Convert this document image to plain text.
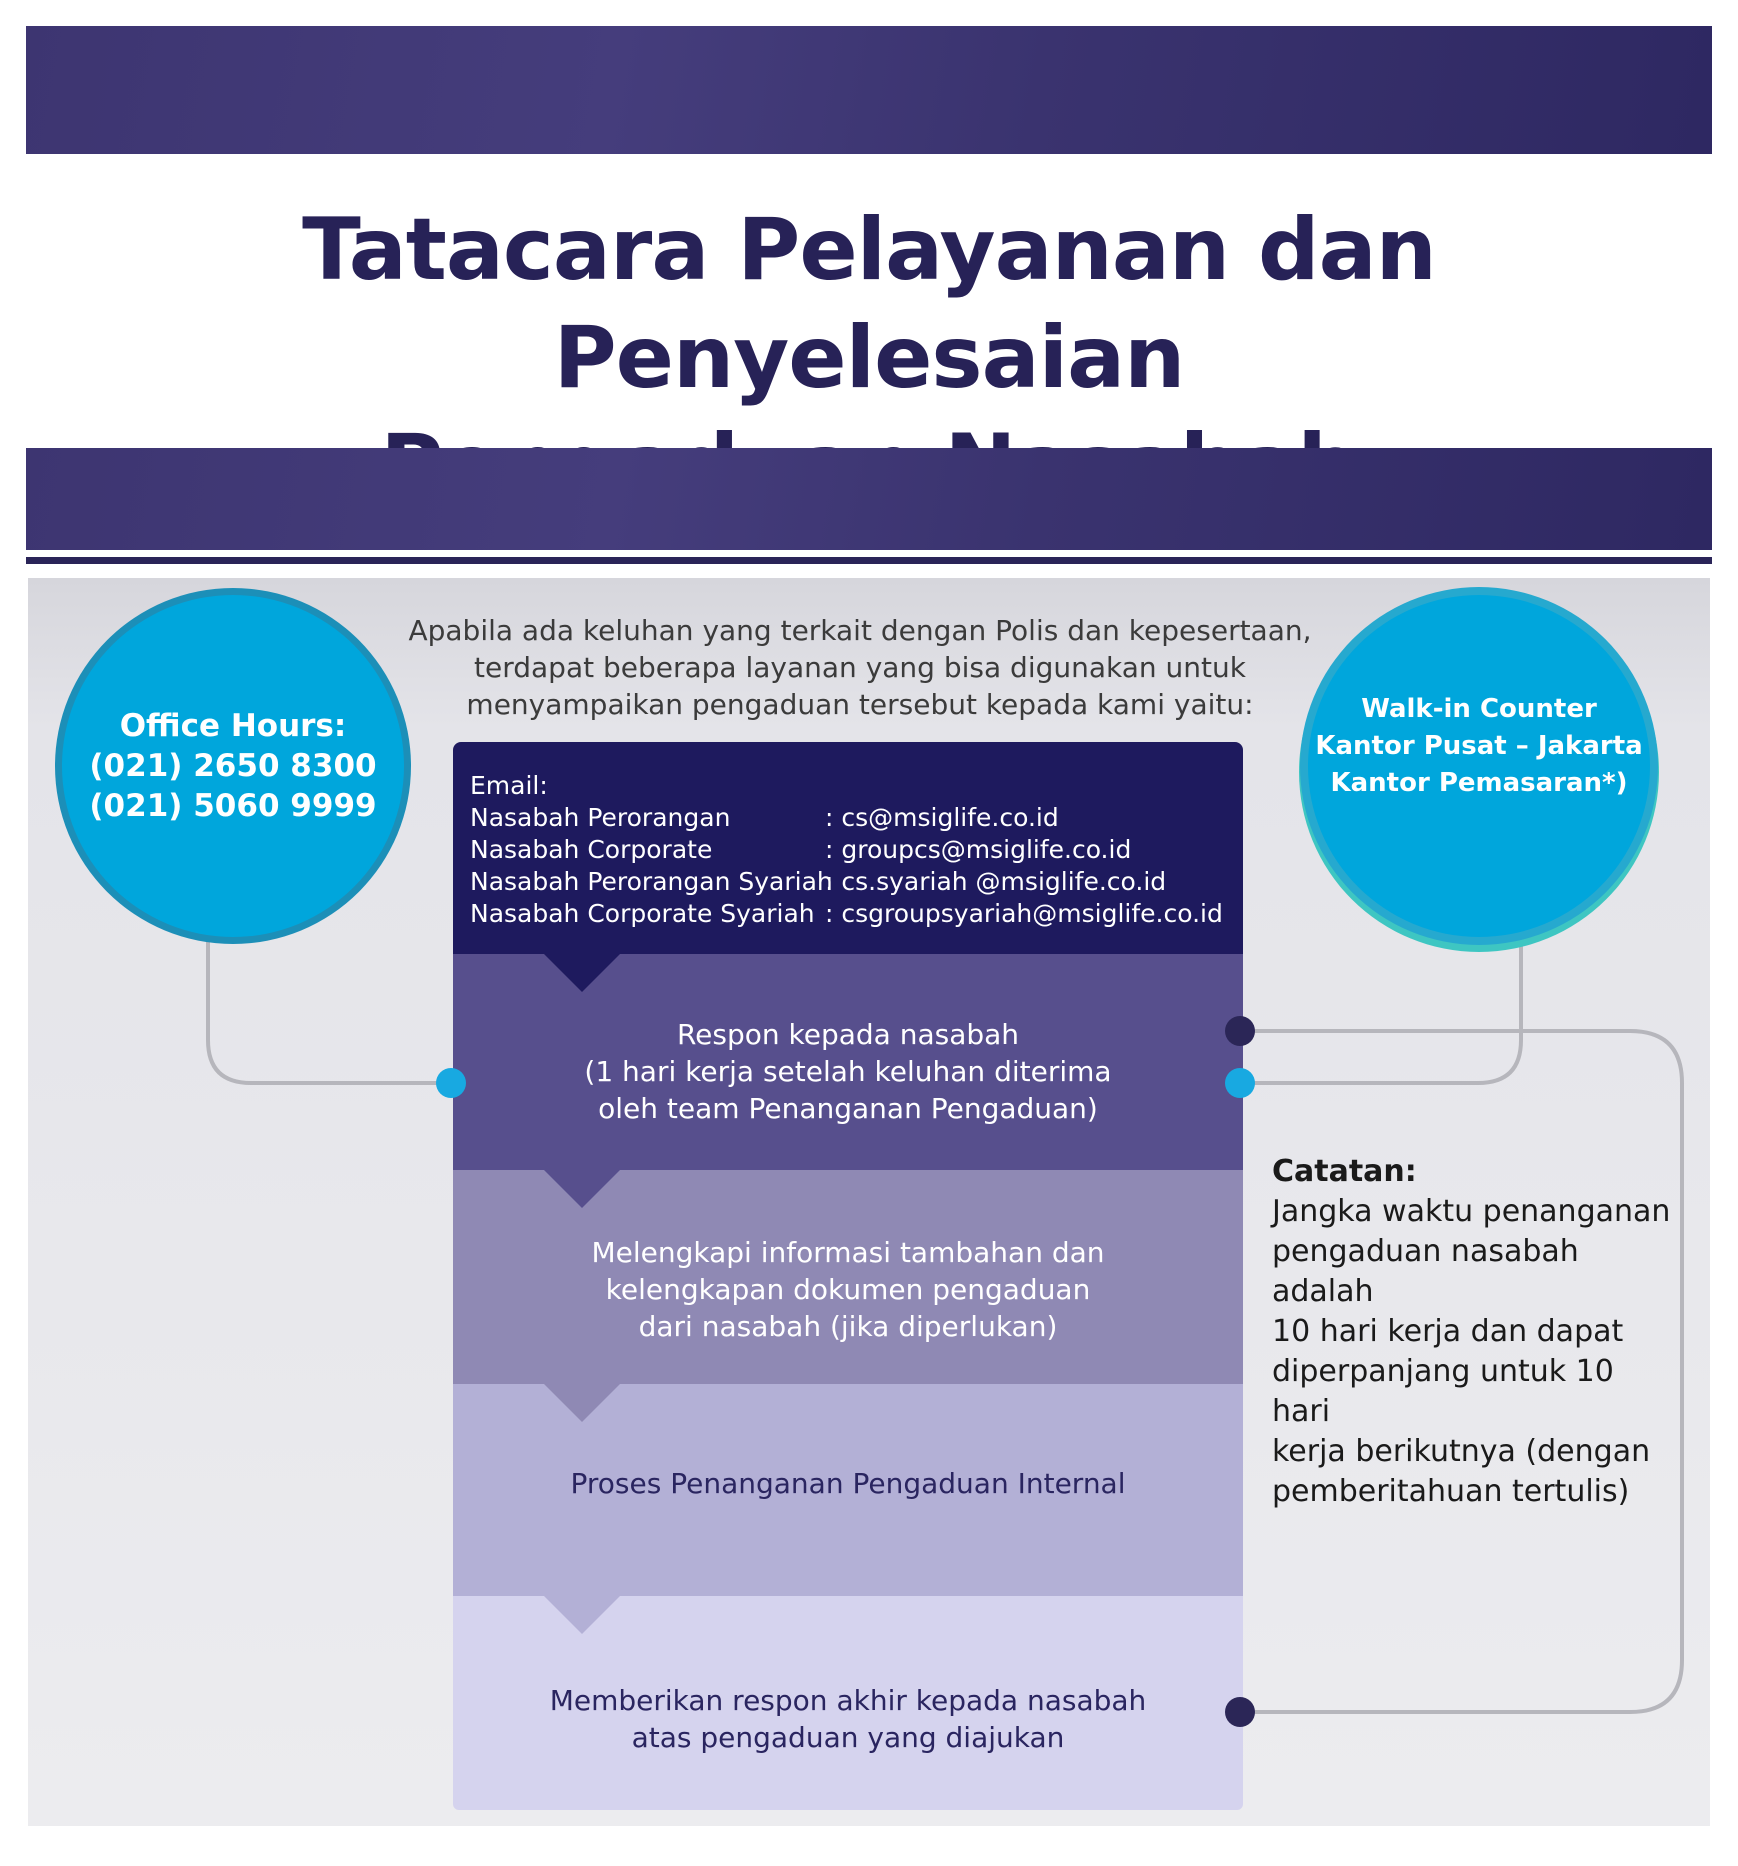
Tatacara Pelayanan dan Penyelesaian
Office Hours:
(021) 2650 8300
(021) 5060 9999
Walk-in Counter
Kantor Pusat – Jakarta
Kantor Pemasaran*)
Apabila ada keluhan yang terkait dengan Polis dan kepesertaan,
terdapat beberapa layanan yang bisa digunakan untuk
menyampaikan pengaduan tersebut kepada kami yaitu:
Email:
Nasabah Perorangan	: cs@msiglife.co.id
Nasabah Corporate	: groupcs@msiglife.co.id
Nasabah Perorangan Syariah: cs.syariah @msiglife.co.id
Nasabah Corporate Syariah : csgroupsyariah@msiglife.co.id
Respon kepada nasabah
(1 hari kerja setelah keluhan diterima
oleh team Penanganan Pengaduan)
Melengkapi informasi tambahan dan
kelengkapan dokumen pengaduan
dari nasabah (jika diperlukan)
Proses Penanganan Pengaduan Internal
Memberikan respon akhir kepada nasabah
atas pengaduan yang diajukan
Catatan:
Jangka waktu penanganan
pengaduan nasabah adalah
10 hari kerja dan dapat
diperpanjang untuk 10 hari
kerja berikutnya (dengan
pemberitahuan tertulis)
